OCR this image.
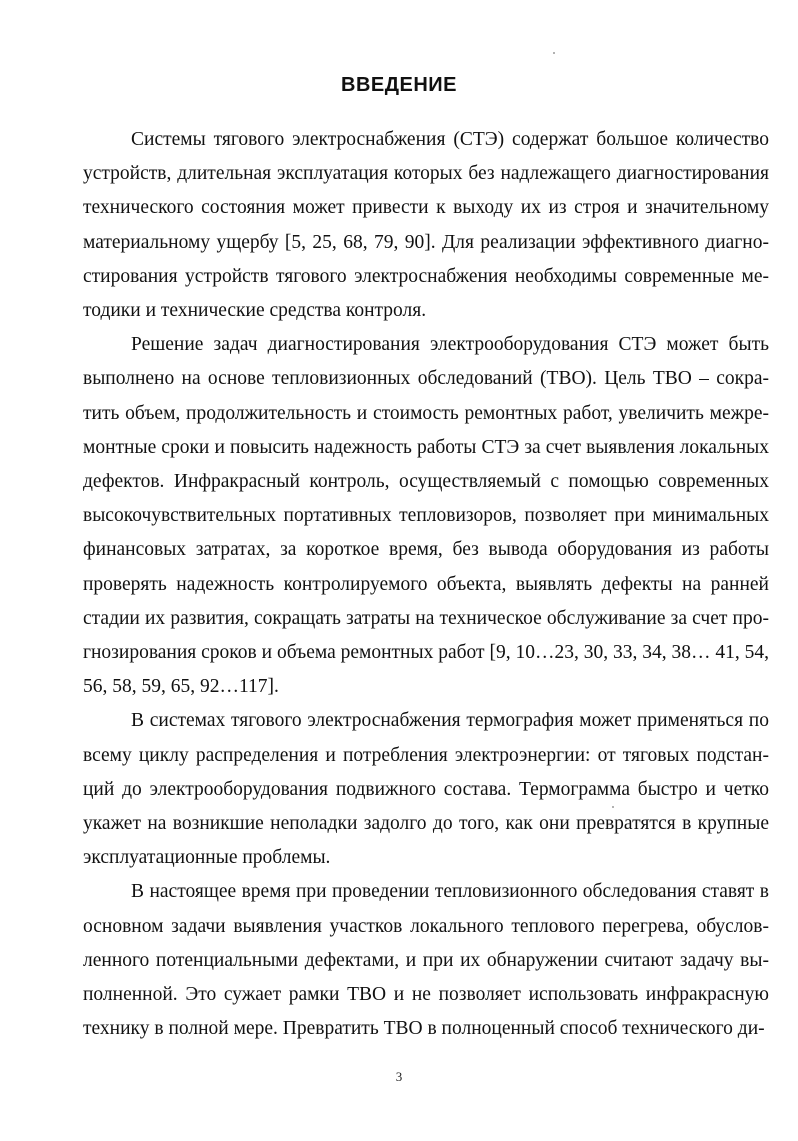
ВВЕДЕНИЕ

Системы тягового электроснабжения (СТЭ) содержат большое количество устройств, длительная эксплуатация которых без надлежащего диагностирования технического состояния может привести к выходу их из строя и значительному материальному ущербу [5, 25, 68, 79, 90]. Для реализации эффективного диагностирования устройств тягового электроснабжения необходимы современные методики и технические средства контроля.

Решение задач диагностирования электрооборудования СТЭ может быть выполнено на основе тепловизионных обследований (ТВО). Цель ТВО – сократить объем, продолжительность и стоимость ремонтных работ, увеличить межремонтные сроки и повысить надежность работы СТЭ за счет выявления локальных дефектов. Инфракрасный контроль, осуществляемый с помощью современных высокочувствительных портативных тепловизоров, позволяет при минимальных финансовых затратах, за короткое время, без вывода оборудования из работы проверять надежность контролируемого объекта, выявлять дефекты на ранней стадии их развития, сокращать затраты на техническое обслуживание за счет прогнозирования сроков и объема ремонтных работ [9, 10…23, 30, 33, 34, 38… 41, 54, 56, 58, 59, 65, 92…117].

В системах тягового электроснабжения термография может применяться по всему циклу распределения и потребления электроэнергии: от тяговых подстанций до электрооборудования подвижного состава. Термограмма быстро и четко укажет на возникшие неполадки задолго до того, как они превратятся в крупные эксплуатационные проблемы.

В настоящее время при проведении тепловизионного обследования ставят в основном задачи выявления участков локального теплового перегрева, обусловленного потенциальными дефектами, и при их обнаружении считают задачу выполненной. Это сужает рамки ТВО и не позволяет использовать инфракрасную технику в полной мере. Превратить ТВО в полноценный способ технического ди-

3
